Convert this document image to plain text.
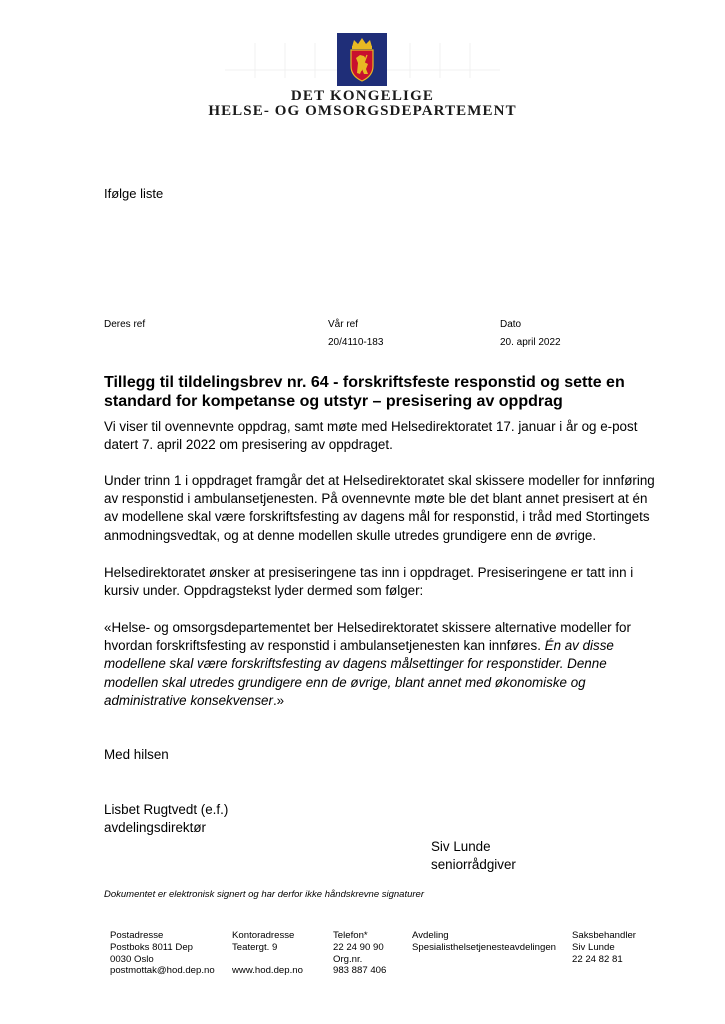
DET KONGELIGE
HELSE- OG OMSORGSDEPARTEMENT
Ifølge liste
Deres ref	Vår ref
20/4110-183
Dato
20. april 2022
Tillegg til tildelingsbrev nr. 64 - forskriftsfeste responstid og sette en standard for kompetanse og utstyr – presisering av oppdrag
Vi viser til ovennevnte oppdrag, samt møte med Helsedirektoratet 17. januar i år og e-post datert 7. april 2022 om presisering av oppdraget.
Under trinn 1 i oppdraget framgår det at Helsedirektoratet skal skissere modeller for innføring av responstid i ambulansetjenesten. På ovennevnte møte ble det blant annet presisert at én av modellene skal være forskriftsfesting av dagens mål for responstid, i tråd med Stortingets anmodningsvedtak, og at denne modellen skulle utredes grundigere enn de øvrige.
Helsedirektoratet ønsker at presiseringene tas inn i oppdraget. Presiseringene er tatt inn i kursiv under. Oppdragstekst lyder dermed som følger:
«Helse- og omsorgsdepartementet ber Helsedirektoratet skissere alternative modeller for hvordan forskriftsfesting av responstid i ambulansetjenesten kan innføres. Én av disse modellene skal være forskriftsfesting av dagens målsettinger for responstider. Denne modellen skal utredes grundigere enn de øvrige, blant annet med økonomiske og administrative konsekvenser.»
Med hilsen
Lisbet Rugtvedt (e.f.)
avdelingsdirektør
Siv Lunde
seniorrådgiver
Dokumentet er elektronisk signert og har derfor ikke håndskrevne signaturer
Postadresse
Postboks 8011 Dep
0030 Oslo
postmottak@hod.dep.no
Kontoradresse
Teatergt. 9

www.hod.dep.no
Telefon*
22 24 90 90
Org.nr.
983 887 406
Avdeling
Spesialisthelsetjenesteavdelingen
Saksbehandler
Siv Lunde
22 24 82 81
